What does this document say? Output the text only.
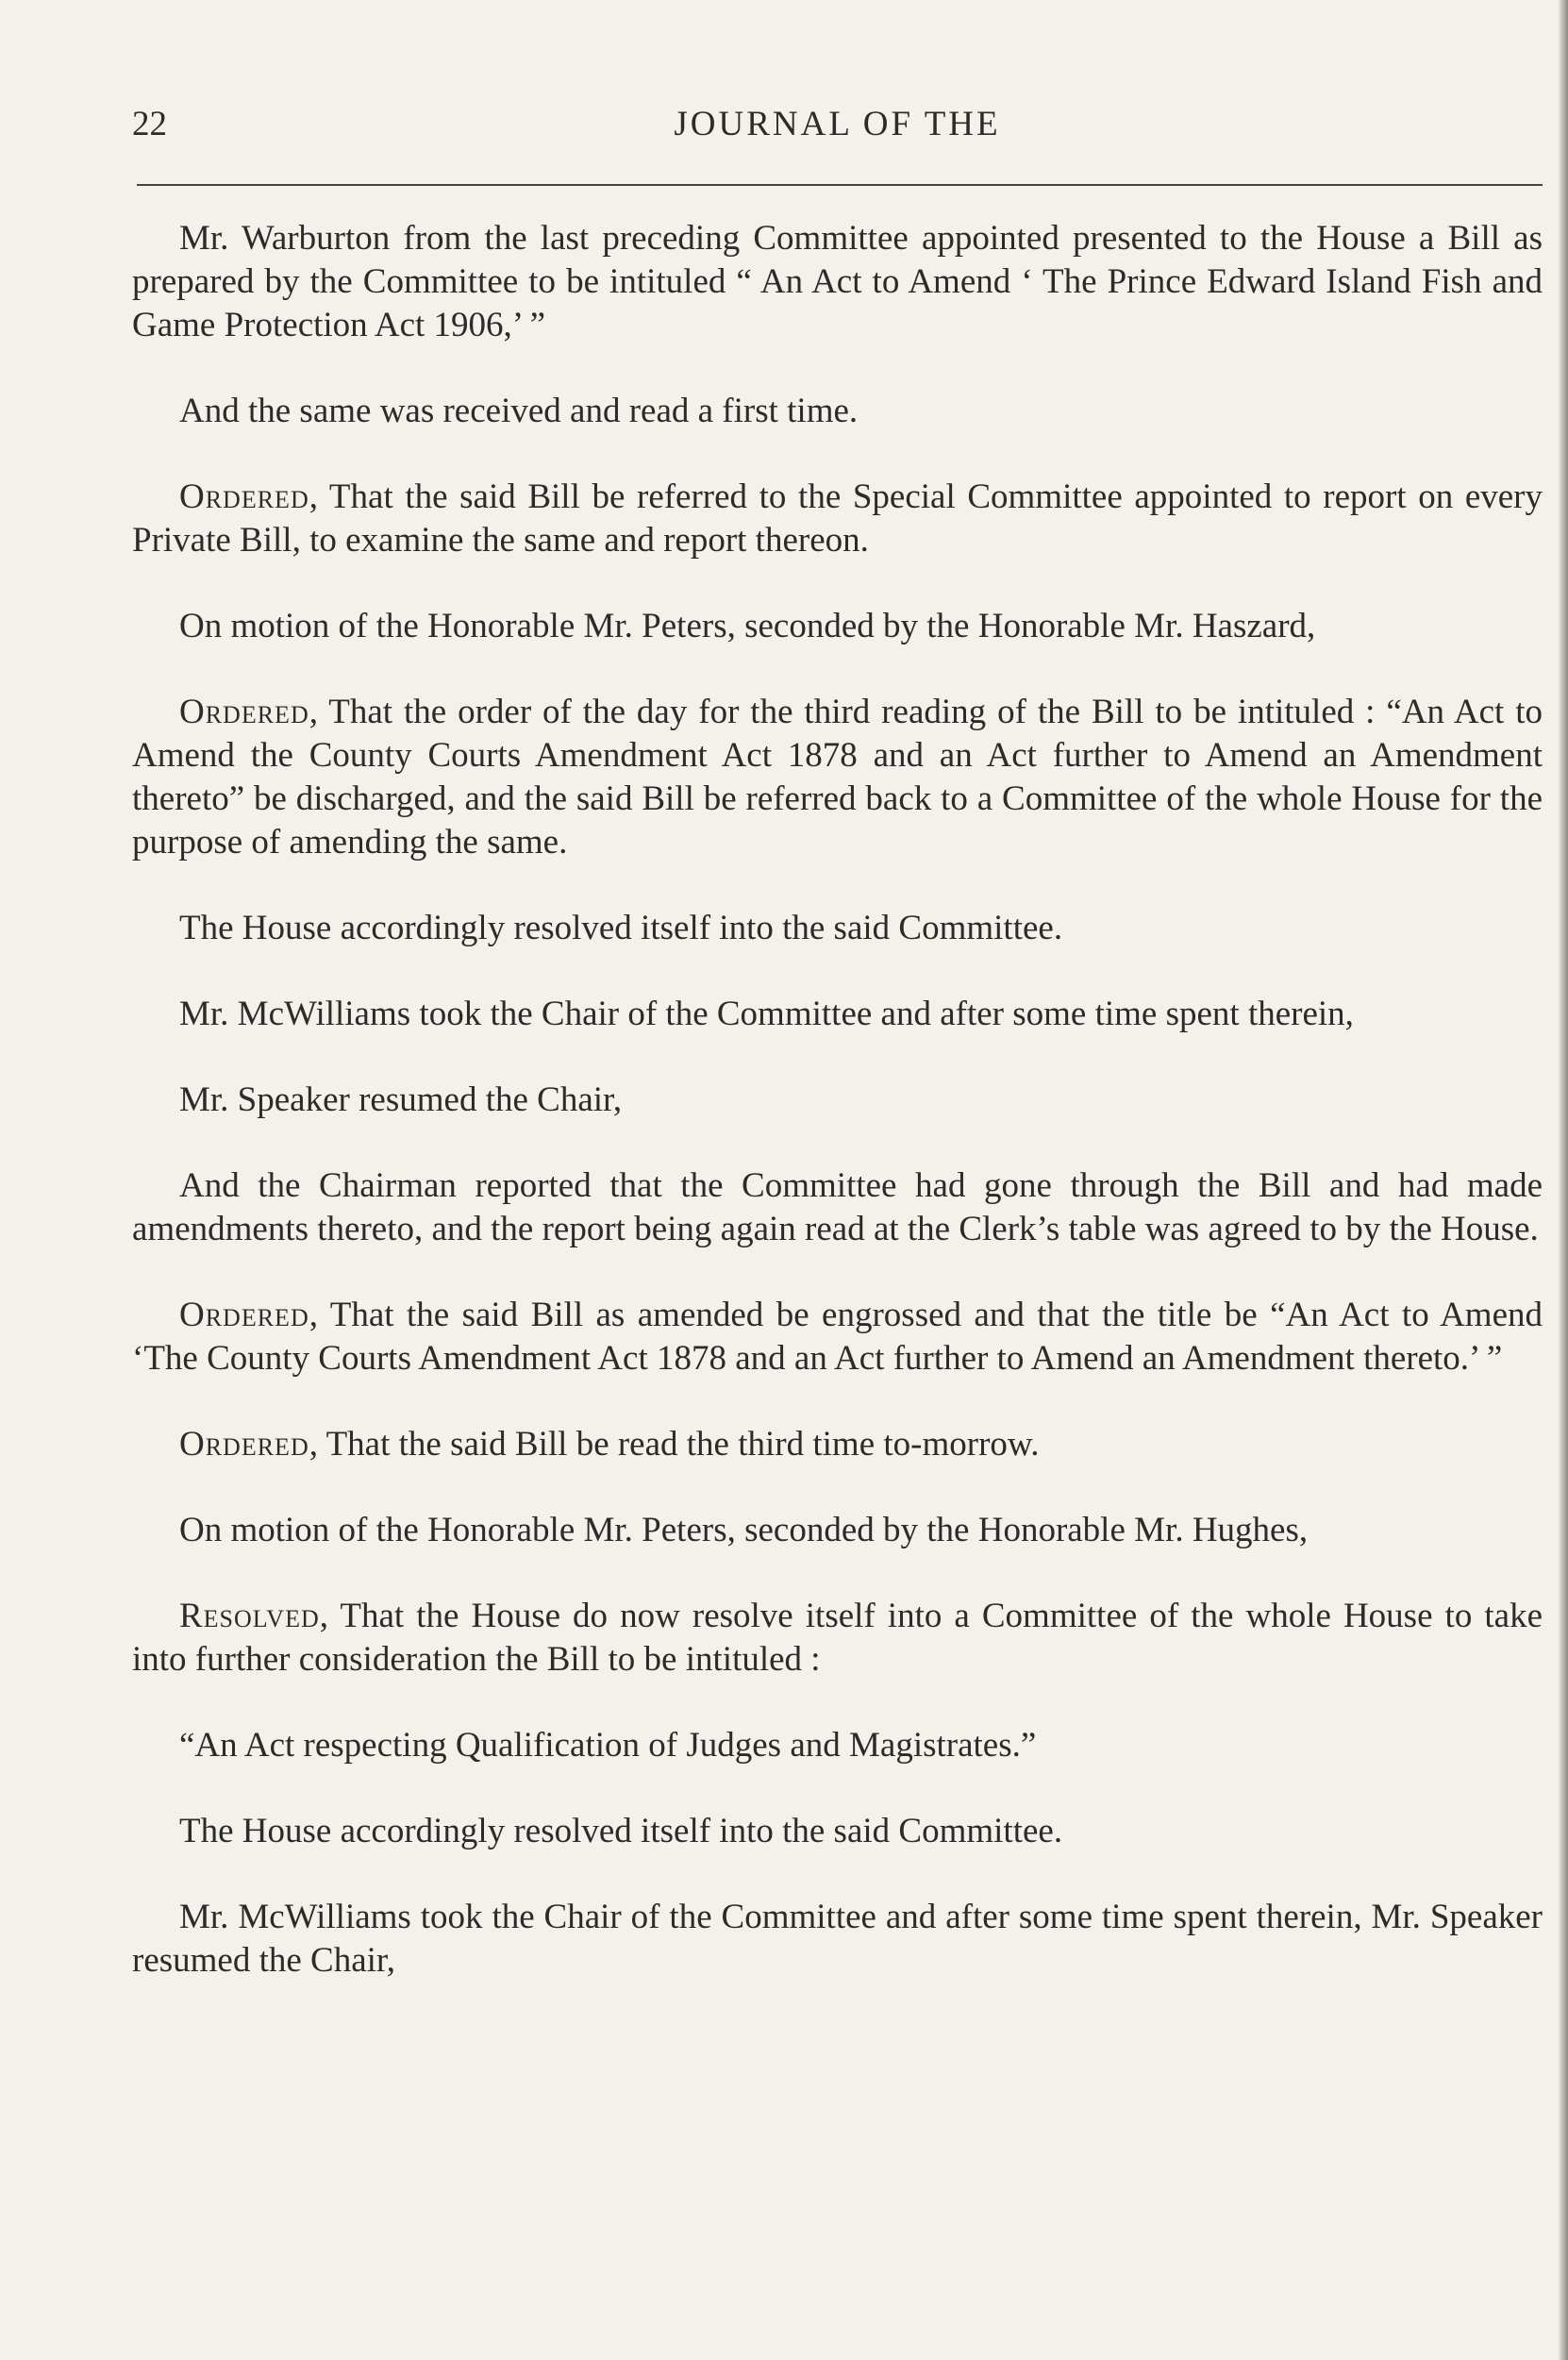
22	JOURNAL OF THE

Mr. Warburton from the last preceding Committee appointed presented to the House a Bill as prepared by the Committee to be intituled “ An Act to Amend ‘ The Prince Edward Island Fish and Game Protection Act 1906,’ ”

And the same was received and read a first time.

Ordered, That the said Bill be referred to the Special Committee appointed to report on every Private Bill, to examine the same and report thereon.

On motion of the Honorable Mr. Peters, seconded by the Honorable Mr. Haszard,

Ordered, That the order of the day for the third reading of the Bill to be intituled : “An Act to Amend the County Courts Amendment Act 1878 and an Act further to Amend an Amendment thereto” be discharged, and the said Bill be referred back to a Committee of the whole House for the purpose of amending the same.

The House accordingly resolved itself into the said Committee.

Mr. McWilliams took the Chair of the Committee and after some time spent therein,

Mr. Speaker resumed the Chair,

And the Chairman reported that the Committee had gone through the Bill and had made amendments thereto, and the report being again read at the Clerk’s table was agreed to by the House.

Ordered, That the said Bill as amended be engrossed and that the title be “An Act to Amend ‘The County Courts Amendment Act 1878 and an Act further to Amend an Amendment thereto.’ ”

Ordered, That the said Bill be read the third time to-morrow.

On motion of the Honorable Mr. Peters, seconded by the Honorable Mr. Hughes,

Resolved, That the House do now resolve itself into a Committee of the whole House to take into further consideration the Bill to be intituled :

“An Act respecting Qualification of Judges and Magistrates.”

The House accordingly resolved itself into the said Committee.

Mr. McWilliams took the Chair of the Committee and after some time spent therein, Mr. Speaker resumed the Chair,
